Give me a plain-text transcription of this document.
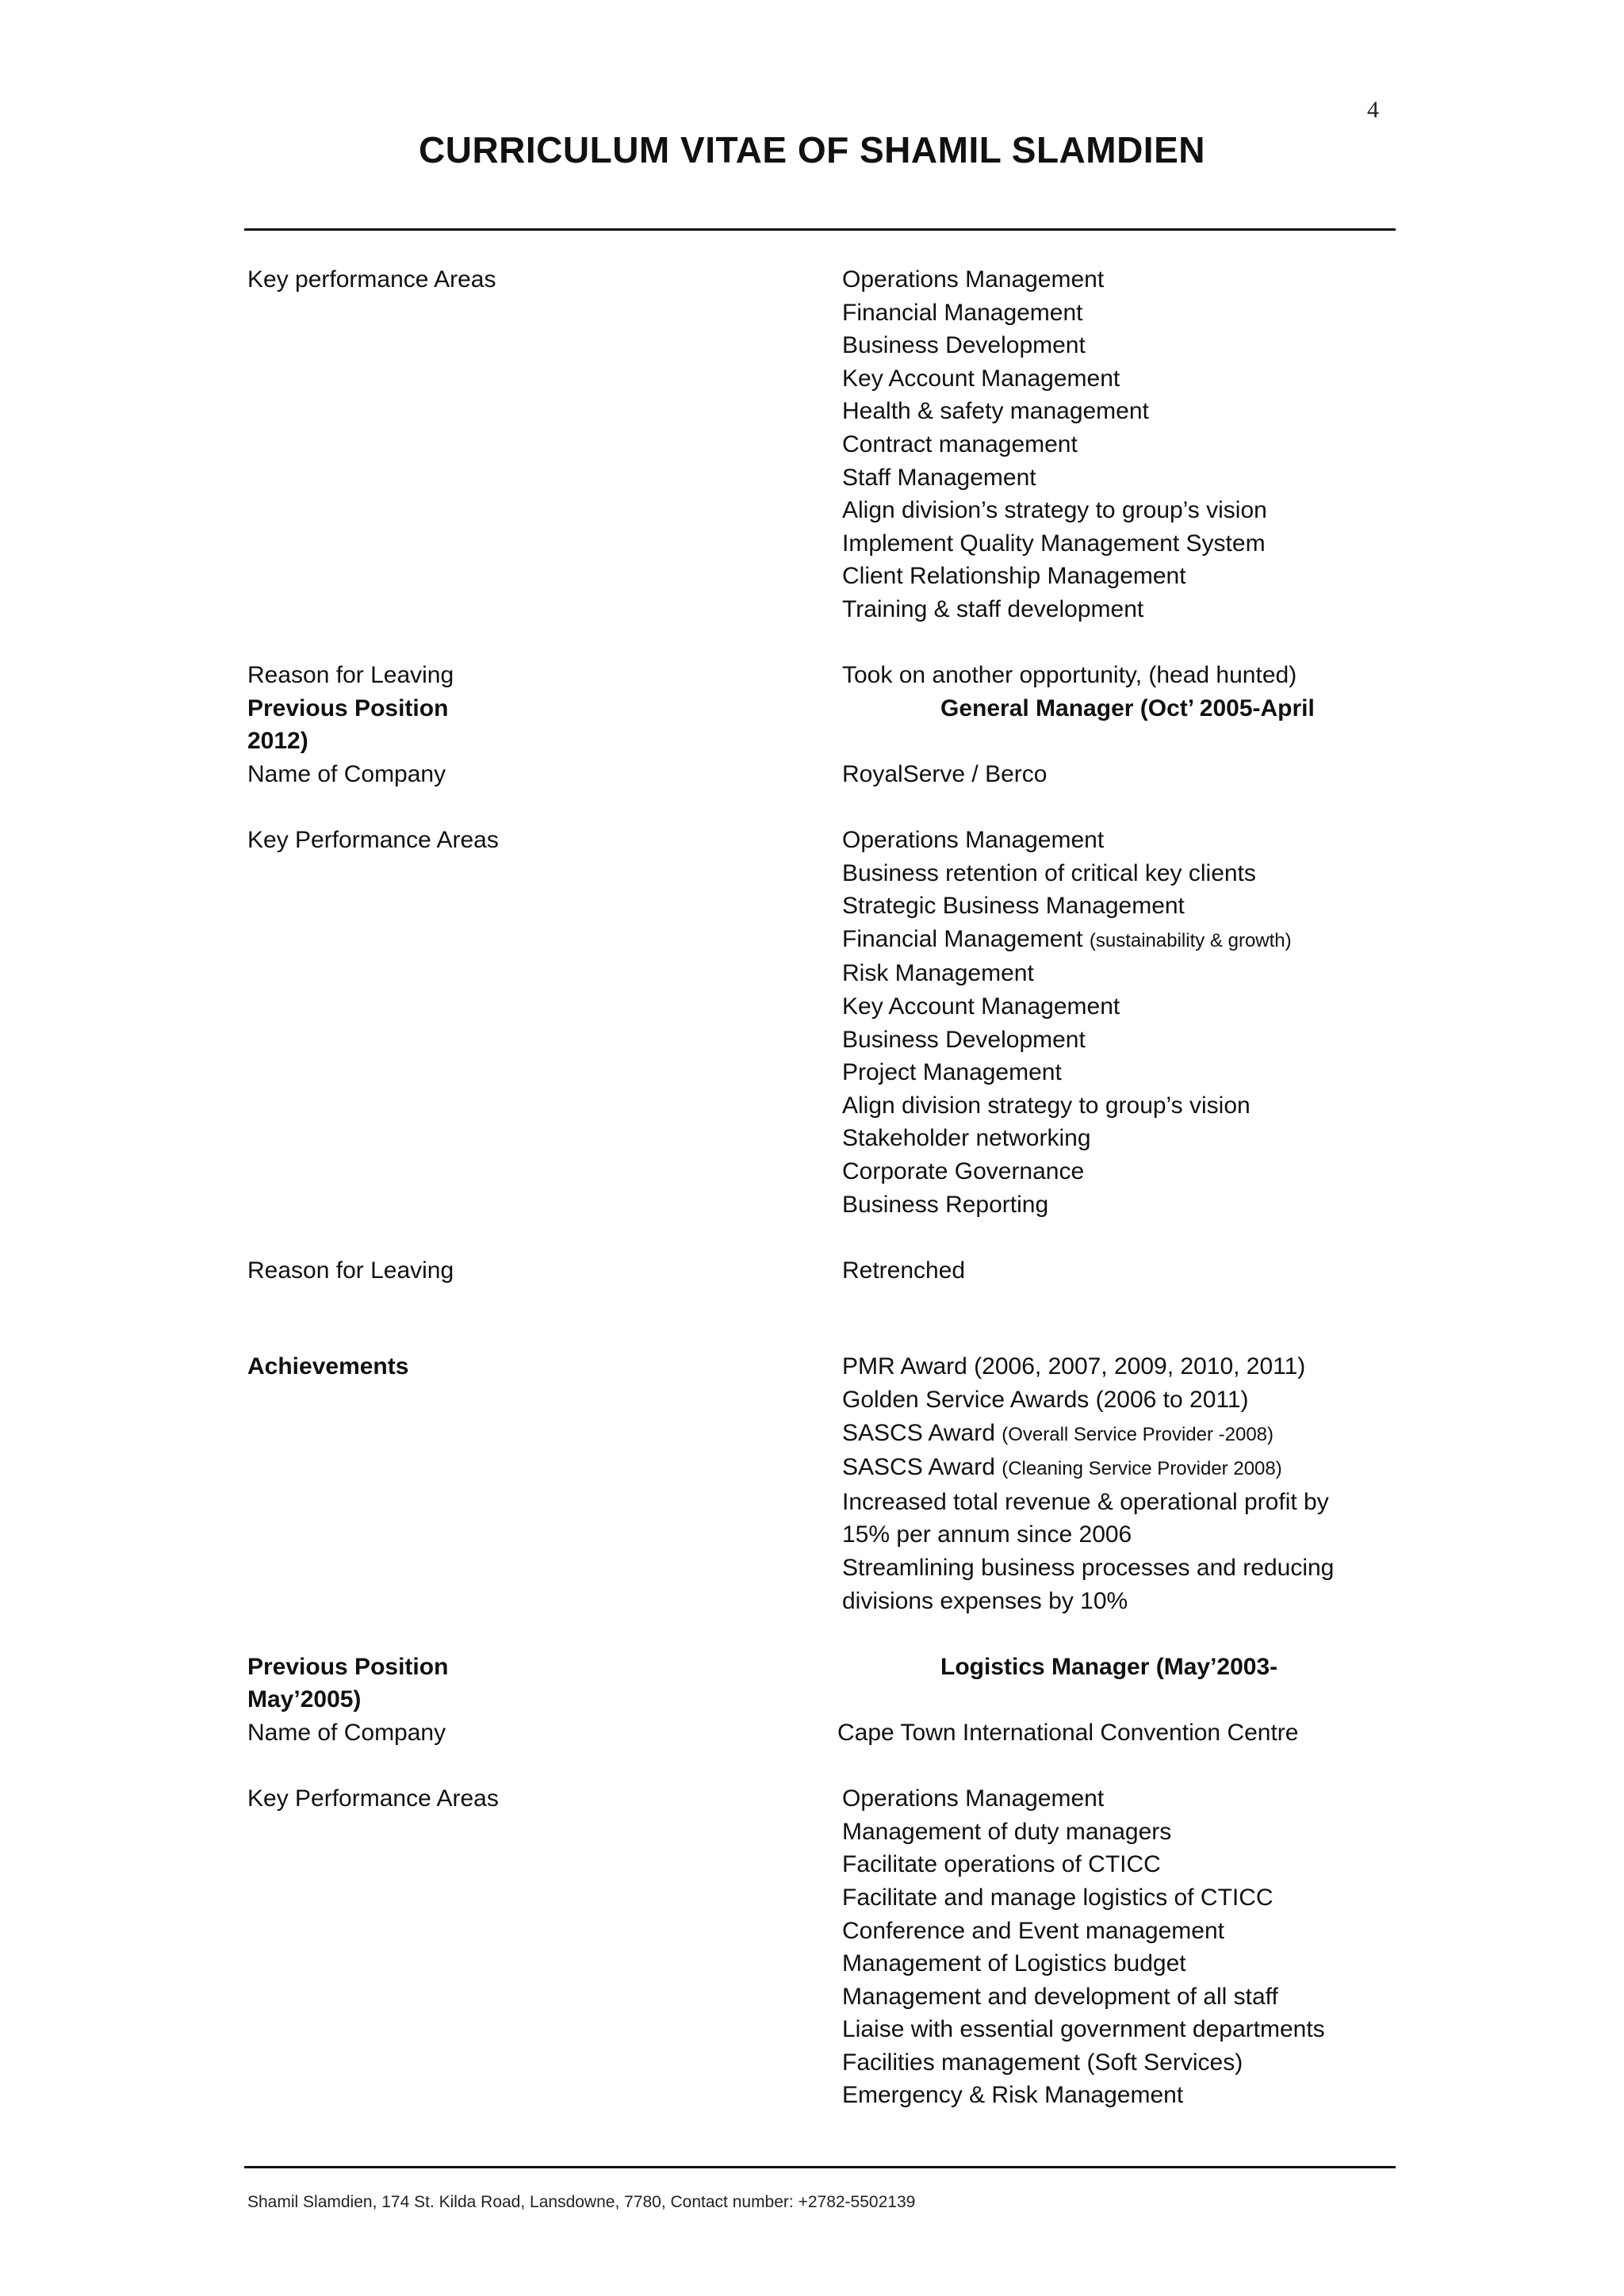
4
CURRICULUM VITAE OF SHAMIL SLAMDIEN
Key performance Areas	Operations Management
Financial Management
Business Development
Key Account Management
Health & safety management
Contract management
Staff Management
Align division’s strategy to group’s vision
Implement Quality Management System
Client Relationship Management
Training & staff development
Reason for Leaving	Took on another opportunity, (head hunted)
Previous Position	General Manager (Oct’ 2005-April
2012)
Name of Company	RoyalServe / Berco
Key Performance Areas	Operations Management
Business retention of critical key clients
Strategic Business Management
Financial Management (sustainability & growth)
Risk Management
Key Account Management
Business Development
Project Management
Align division strategy to group’s vision
Stakeholder networking
Corporate Governance
Business Reporting
Reason for Leaving	Retrenched
Achievements	PMR Award (2006, 2007, 2009, 2010, 2011)
Golden Service Awards (2006 to 2011)
SASCS Award (Overall Service Provider -2008)
SASCS Award (Cleaning Service Provider 2008)
Increased total revenue & operational profit by 15% per annum since 2006
Streamlining business processes and reducing divisions expenses by 10%
Previous Position	Logistics Manager (May’2003-
May’2005)
Name of Company	Cape Town International Convention Centre
Key Performance Areas	Operations Management
Management of duty managers
Facilitate operations of CTICC
Facilitate and manage logistics of CTICC
Conference and Event management
Management of Logistics budget
Management and development of all staff
Liaise with essential government departments
Facilities management (Soft Services)
Emergency & Risk Management
Shamil Slamdien, 174 St. Kilda Road, Lansdowne, 7780, Contact number: +2782-5502139
